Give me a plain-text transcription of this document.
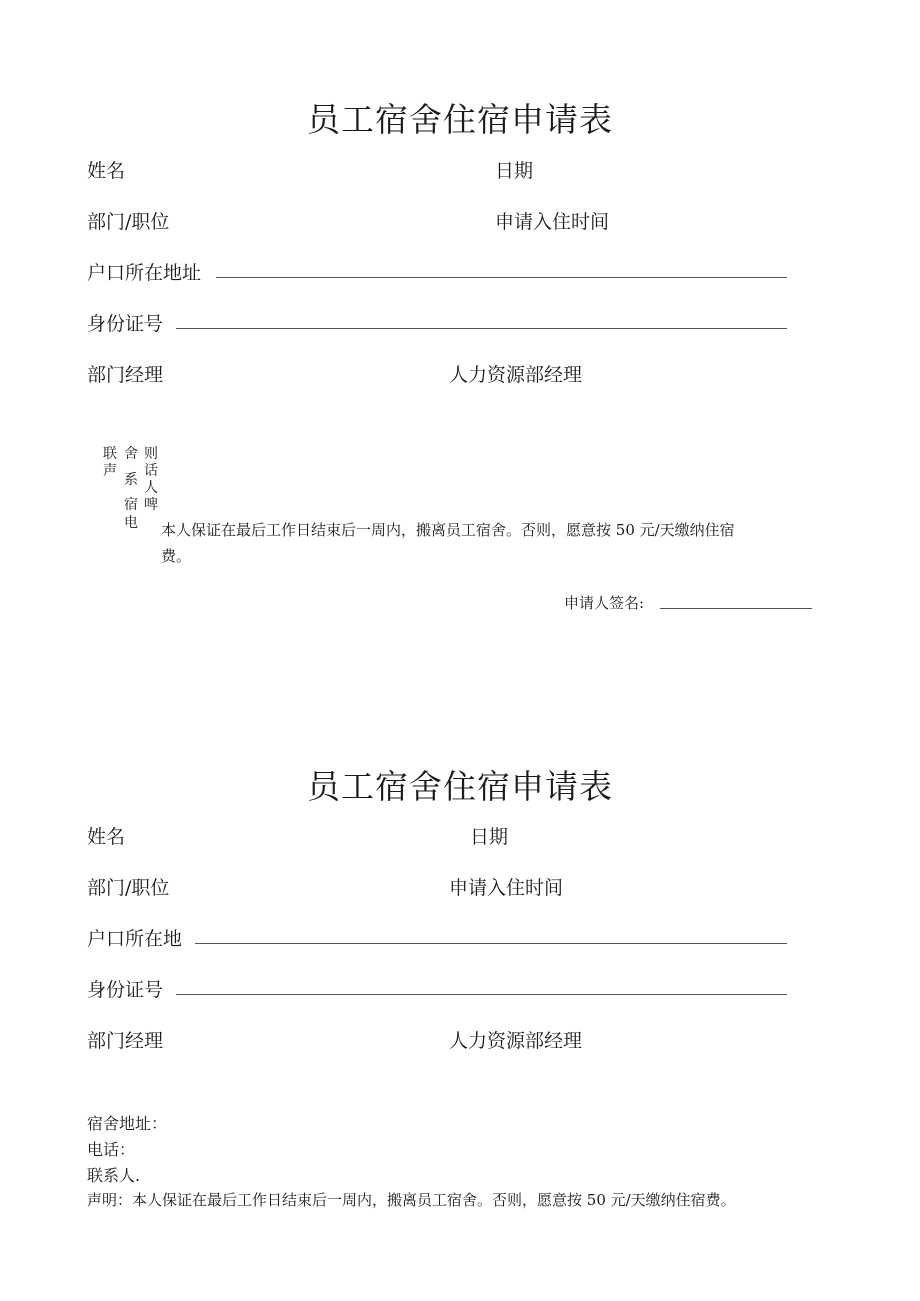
员工宿舍住宿申请表
姓名	日期
部门/职位	申请入住时间
户口所在地址
身份证号
部门经理	人力资源部经理
联
声
舍
系
宿
电
则
话
人
啤
本人保证在最后工作日结束后一周内，搬离员工宿舍。否则，愿意按 50 元/天缴纳住宿
费。
申请人签名:
员工宿舍住宿申请表
姓名	日期
部门/职位	申请入住时间
户口所在地
身份证号
部门经理	人力资源部经理
宿舍地址：
电话：
联系人.
声明：本人保证在最后工作日结束后一周内，搬离员工宿舍。否则，愿意按 50 元/天缴纳住宿费。
